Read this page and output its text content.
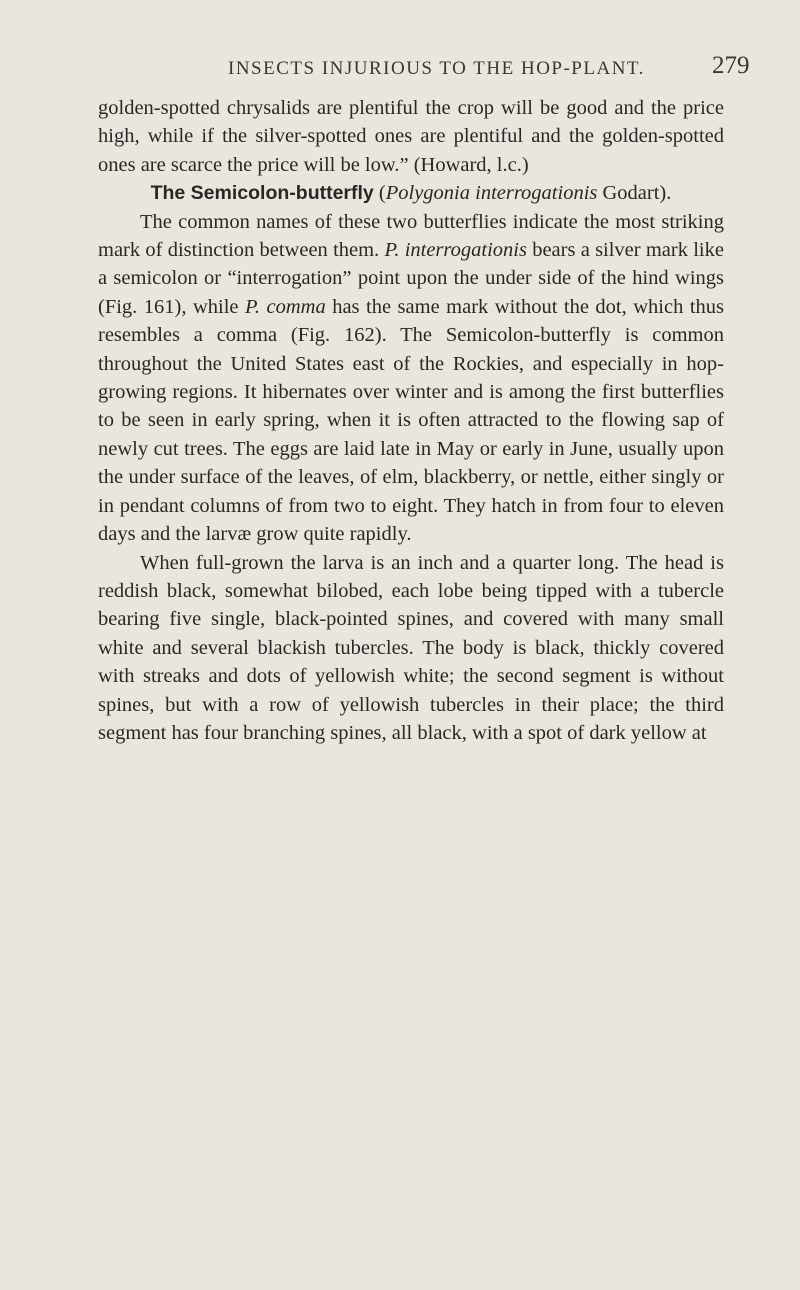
INSECTS INJURIOUS TO THE HOP-PLANT.	279

golden-spotted chrysalids are plentiful the crop will be good and the price high, while if the silver-spotted ones are plentiful and the golden-spotted ones are scarce the price will be low.” (Howard, l.c.)

The Semicolon-butterfly (Polygonia interrogationis Godart).

The common names of these two butterflies indicate the most striking mark of distinction between them. P. interrogationis bears a silver mark like a semicolon or “interrogation” point upon the under side of the hind wings (Fig. 161), while P. comma has the same mark without the dot, which thus resembles a comma (Fig. 162). The Semicolon-butterfly is common throughout the United States east of the Rockies, and especially in hop-growing regions. It hibernates over winter and is among the first butterflies to be seen in early spring, when it is often attracted to the flowing sap of newly cut trees. The eggs are laid late in May or early in June, usually upon the under surface of the leaves, of elm, blackberry, or nettle, either singly or in pendant columns of from two to eight. They hatch in from four to eleven days and the larvæ grow quite rapidly.

When full-grown the larva is an inch and a quarter long. The head is reddish black, somewhat bilobed, each lobe being tipped with a tubercle bearing five single, black-pointed spines, and covered with many small white and several blackish tubercles. The body is black, thickly covered with streaks and dots of yellowish white; the second segment is without spines, but with a row of yellowish tubercles in their place; the third segment has four branching spines, all black, with a spot of dark yellow at
